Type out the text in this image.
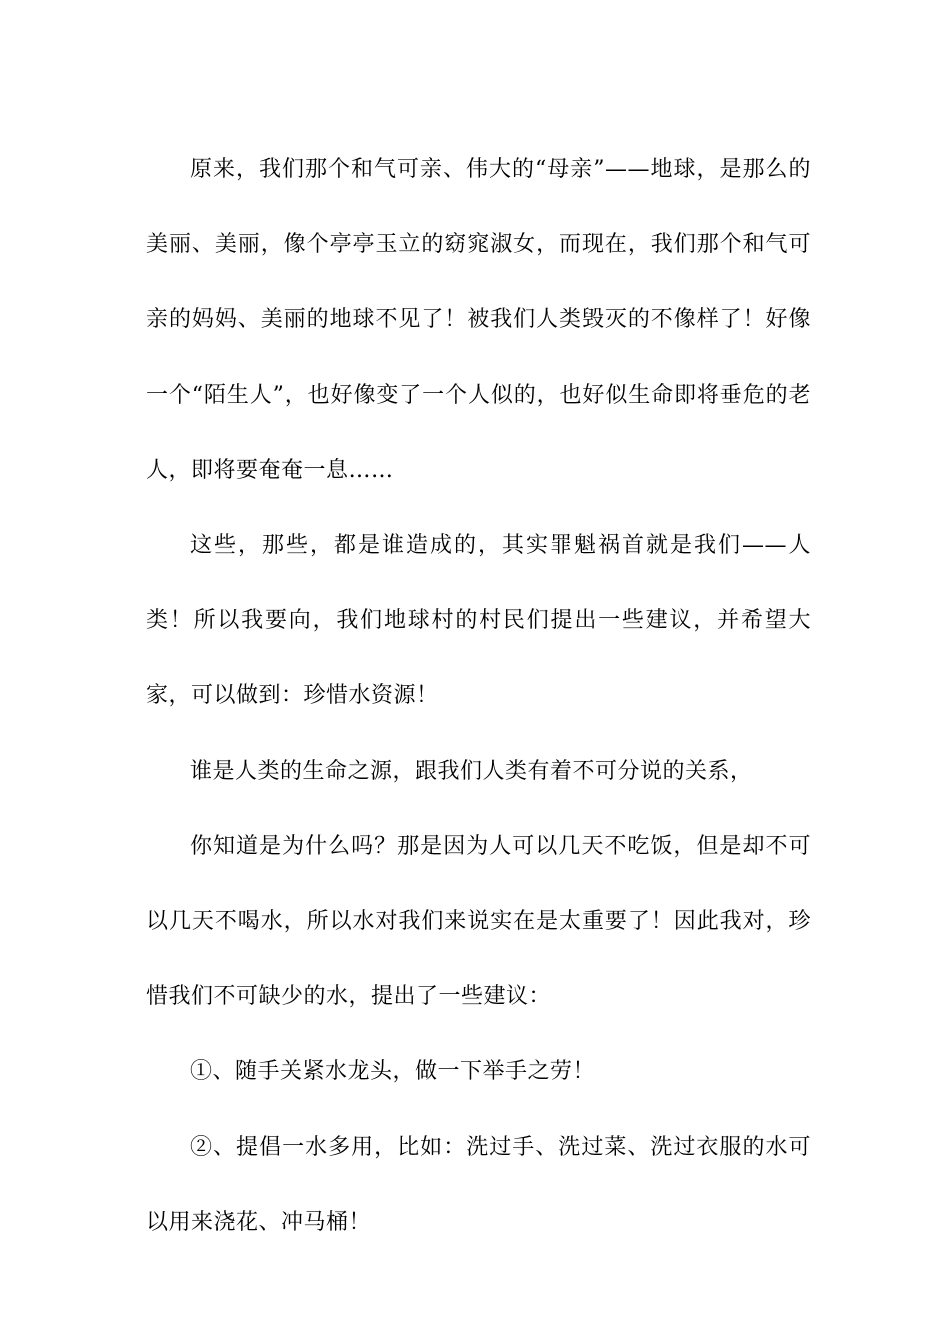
原来，我们那个和气可亲、伟大的“母亲”——地球，是那么的美丽、美丽，像个亭亭玉立的窈窕淑女，而现在，我们那个和气可亲的妈妈、美丽的地球不见了！被我们人类毁灭的不像样了！好像一个“陌生人”，也好像变了一个人似的，也好似生命即将垂危的老人，即将要奄奄一息……

这些，那些，都是谁造成的，其实罪魁祸首就是我们——人类！所以我要向，我们地球村的村民们提出一些建议，并希望大家，可以做到：珍惜水资源！

谁是人类的生命之源，跟我们人类有着不可分说的关系，

你知道是为什么吗？那是因为人可以几天不吃饭，但是却不可以几天不喝水，所以水对我们来说实在是太重要了！因此我对，珍惜我们不可缺少的水，提出了一些建议：

①、随手关紧水龙头，做一下举手之劳！

②、提倡一水多用，比如：洗过手、洗过菜、洗过衣服的水可以用来浇花、冲马桶！
